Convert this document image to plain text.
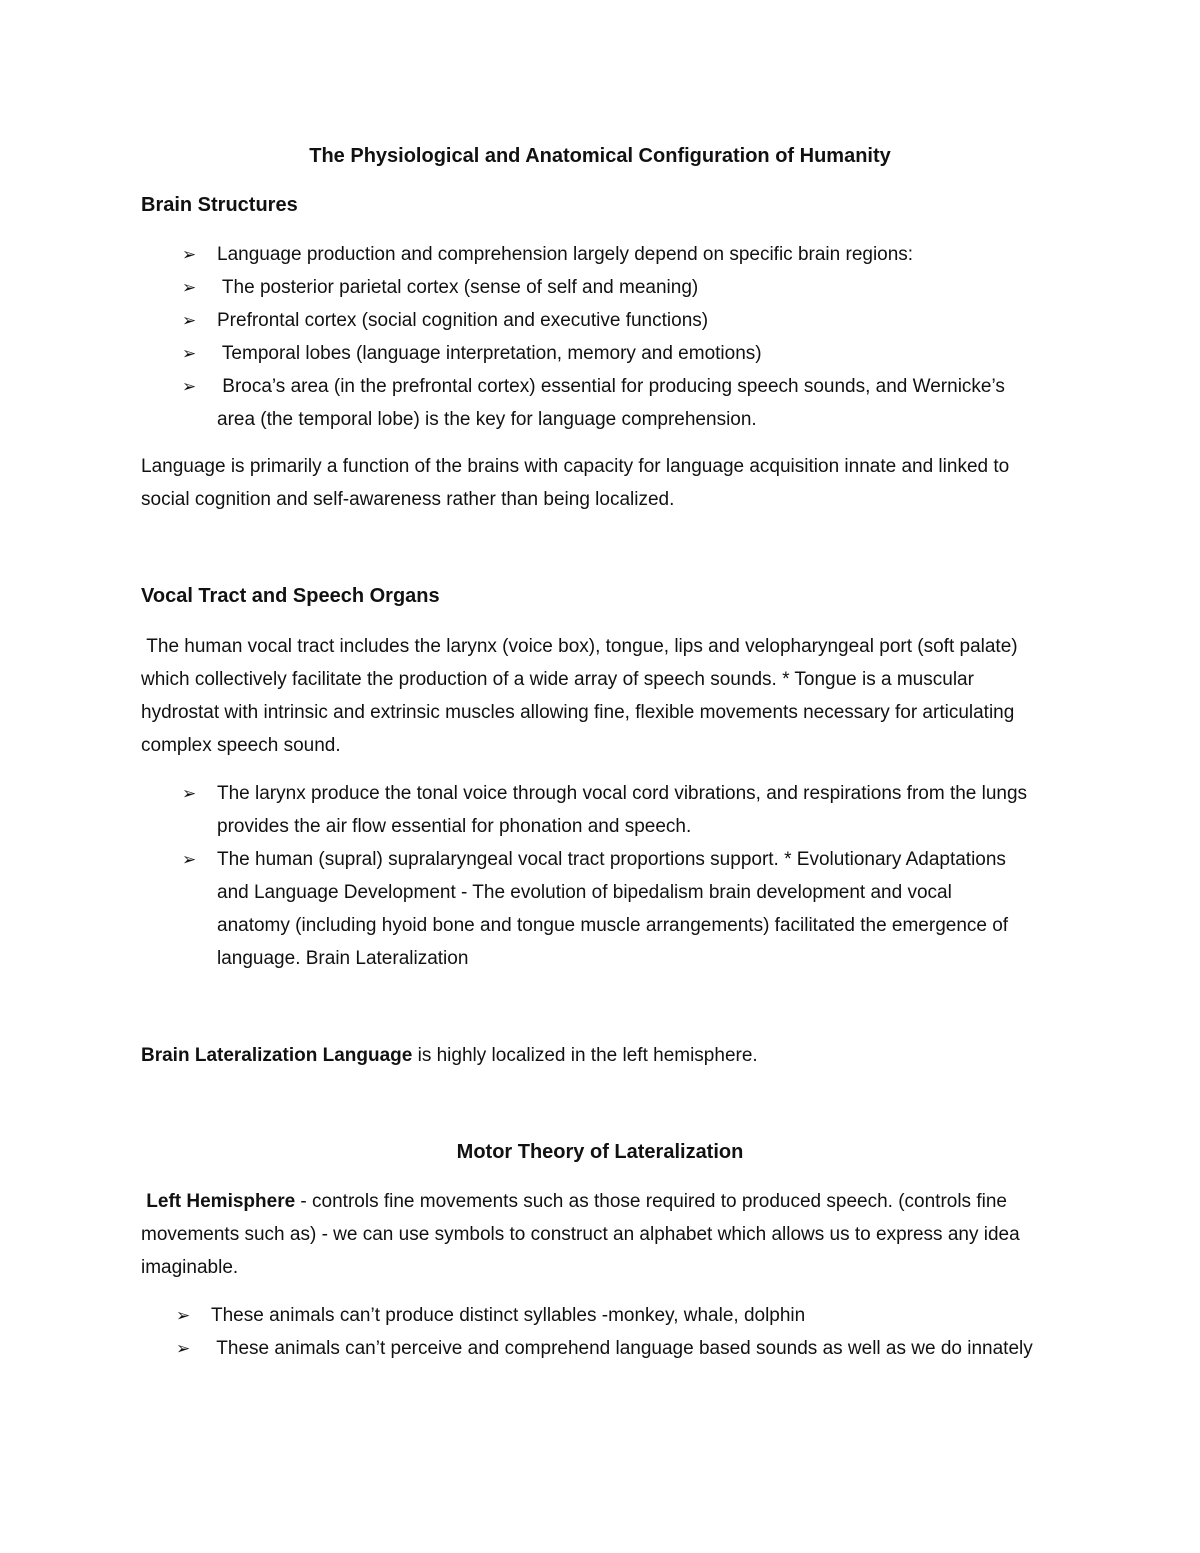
The Physiological and Anatomical Configuration of Humanity
Brain Structures
➢ Language production and comprehension largely depend on specific brain regions:
➢ The posterior parietal cortex (sense of self and meaning)
➢ Prefrontal cortex (social cognition and executive functions)
➢ Temporal lobes (language interpretation, memory and emotions)
➢ Broca’s area (in the prefrontal cortex) essential for producing speech sounds, and Wernicke’s area (the temporal lobe) is the key for language comprehension.
Language is primarily a function of the brains with capacity for language acquisition innate and linked to social cognition and self-awareness rather than being localized.
Vocal Tract and Speech Organs
The human vocal tract includes the larynx (voice box), tongue, lips and velopharyngeal port (soft palate) which collectively facilitate the production of a wide array of speech sounds. * Tongue is a muscular hydrostat with intrinsic and extrinsic muscles allowing fine, flexible movements necessary for articulating complex speech sound.
➢ The larynx produce the tonal voice through vocal cord vibrations, and respirations from the lungs provides the air flow essential for phonation and speech.
➢ The human (supral) supralaryngeal vocal tract proportions support. * Evolutionary Adaptations and Language Development - The evolution of bipedalism brain development and vocal anatomy (including hyoid bone and tongue muscle arrangements) facilitated the emergence of language. Brain Lateralization
Brain Lateralization Language is highly localized in the left hemisphere.
Motor Theory of Lateralization
Left Hemisphere - controls fine movements such as those required to produced speech. (controls fine movements such as) - we can use symbols to construct an alphabet which allows us to express any idea imaginable.
➢ These animals can’t produce distinct syllables -monkey, whale, dolphin
➢ These animals can’t perceive and comprehend language based sounds as well as we do innately
